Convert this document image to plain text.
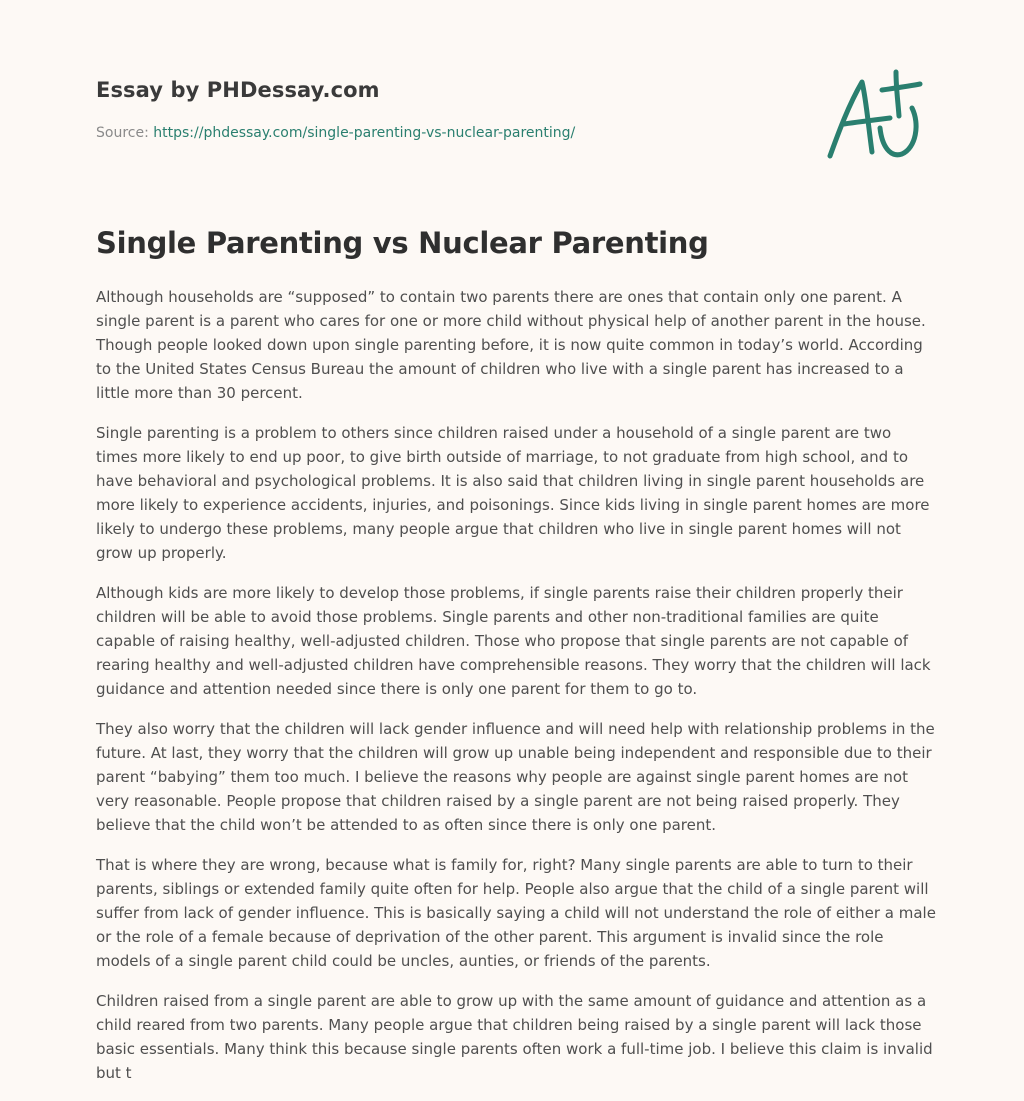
Essay by PHDessay.com
Source: https://phdessay.com/single-parenting-vs-nuclear-parenting/
Single Parenting vs Nuclear Parenting

Although households are “supposed” to contain two parents there are ones that contain only one parent. A single parent is a parent who cares for one or more child without physical help of another parent in the house. Though people looked down upon single parenting before, it is now quite common in today’s world. According to the United States Census Bureau the amount of children who live with a single parent has increased to a little more than 30 percent.

Single parenting is a problem to others since children raised under a household of a single parent are two times more likely to end up poor, to give birth outside of marriage, to not graduate from high school, and to have behavioral and psychological problems. It is also said that children living in single parent households are more likely to experience accidents, injuries, and poisonings. Since kids living in single parent homes are more likely to undergo these problems, many people argue that children who live in single parent homes will not grow up properly.

Although kids are more likely to develop those problems, if single parents raise their children properly their children will be able to avoid those problems. Single parents and other non-traditional families are quite capable of raising healthy, well-adjusted children. Those who propose that single parents are not capable of rearing healthy and well-adjusted children have comprehensible reasons. They worry that the children will lack guidance and attention needed since there is only one parent for them to go to.

They also worry that the children will lack gender influence and will need help with relationship problems in the future. At last, they worry that the children will grow up unable being independent and responsible due to their parent “babying” them too much. I believe the reasons why people are against single parent homes are not very reasonable. People propose that children raised by a single parent are not being raised properly. They believe that the child won’t be attended to as often since there is only one parent.

That is where they are wrong, because what is family for, right? Many single parents are able to turn to their parents, siblings or extended family quite often for help. People also argue that the child of a single parent will suffer from lack of gender influence. This is basically saying a child will not understand the role of either a male or the role of a female because of deprivation of the other parent. This argument is invalid since the role models of a single parent child could be uncles, aunties, or friends of the parents.

Children raised from a single parent are able to grow up with the same amount of guidance and attention as a child reared from two parents. Many people argue that children being raised by a single parent will lack those basic essentials. Many think this because single parents often work a full-time job. I believe this claim is invalid but t
